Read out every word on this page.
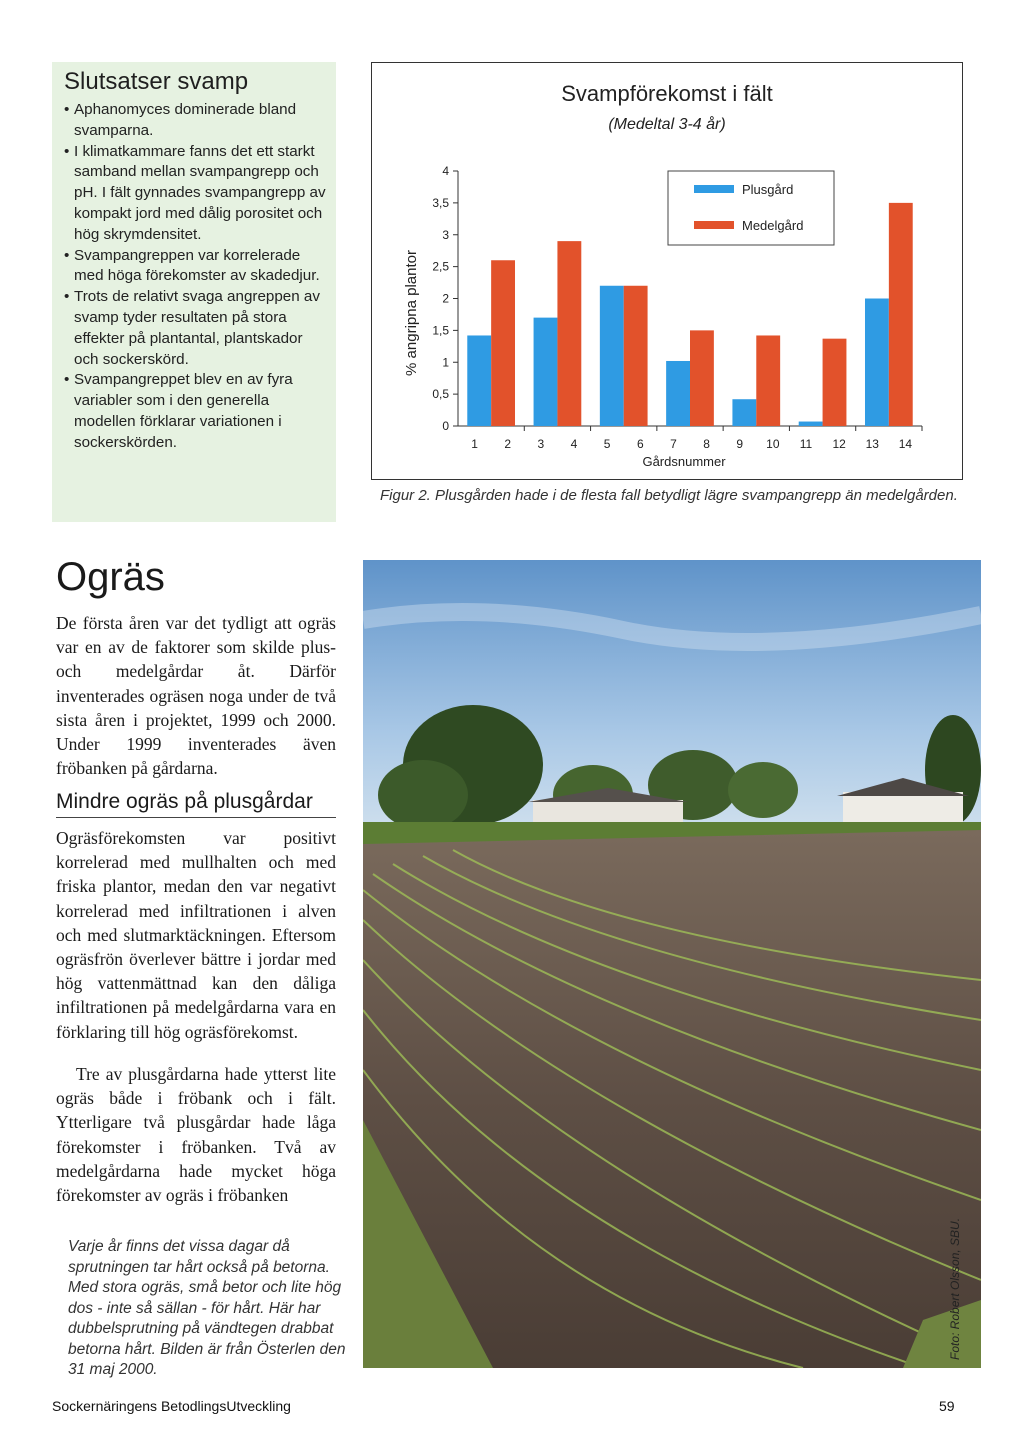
Slutsatser svamp
• Aphanomyces dominerade bland svamparna.
• I klimatkammare fanns det ett starkt samband mellan svampangrepp och pH. I fält gynnades svampangrepp av kompakt jord med dålig porositet och hög skrymdensitet.
• Svampangreppen var korrelerade med höga förekomster av skadedjur.
• Trots de relativt svaga angreppen av svamp tyder resultaten på stora effekter på plantantal, plantskador och sockerskörd.
• Svampangreppet blev en av fyra variabler som i den generella modellen förklarar variationen i sockerskörden.
Svampförekomst i fält
(Medeltal 3-4 år)
% angripna plantor
Gårdsnummer
0
0,5
1
1,5
2
2,5
3
3,5
4
1 2 3 4 5 6 7 8 9 10 11 12 13 14
Plusgård
Medelgård
Figur 2. Plusgården hade i de flesta fall betydligt lägre svampangrepp än medelgården.
Ogräs

De första åren var det tydligt att ogräs var en av de faktorer som skilde plus- och medelgårdar åt. Därför inventerades ogräsen noga under de två sista åren i projektet, 1999 och 2000. Under 1999 inventerades även fröbanken på gårdarna.

Mindre ogräs på plusgårdar

Ogräsförekomsten var positivt korrelerad med mullhalten och med friska plantor, medan den var negativt korrelerad med infiltrationen i alven och med slutmarktäckningen. Eftersom ogräsfrön överlever bättre i jordar med hög vattenmättnad kan den dåliga infiltrationen på medelgårdarna vara en förklaring till hög ogräsförekomst.

Tre av plusgårdarna hade ytterst lite ogräs både i fröbank och i fält. Ytterligare två plusgårdar hade låga förekomster i fröbanken. Två av medelgårdarna hade mycket höga förekomster av ogräs i fröbanken

Varje år finns det vissa dagar då sprutningen tar hårt också på betorna. Med stora ogräs, små betor och lite hög dos - inte så sällan - för hårt. Här har dubbelsprutning på vändtegen drabbat betorna hårt. Bilden är från Österlen den 31 maj 2000.

Foto: Robert Olsson, SBU.

Sockernäringens BetodlingsUtveckling	59
